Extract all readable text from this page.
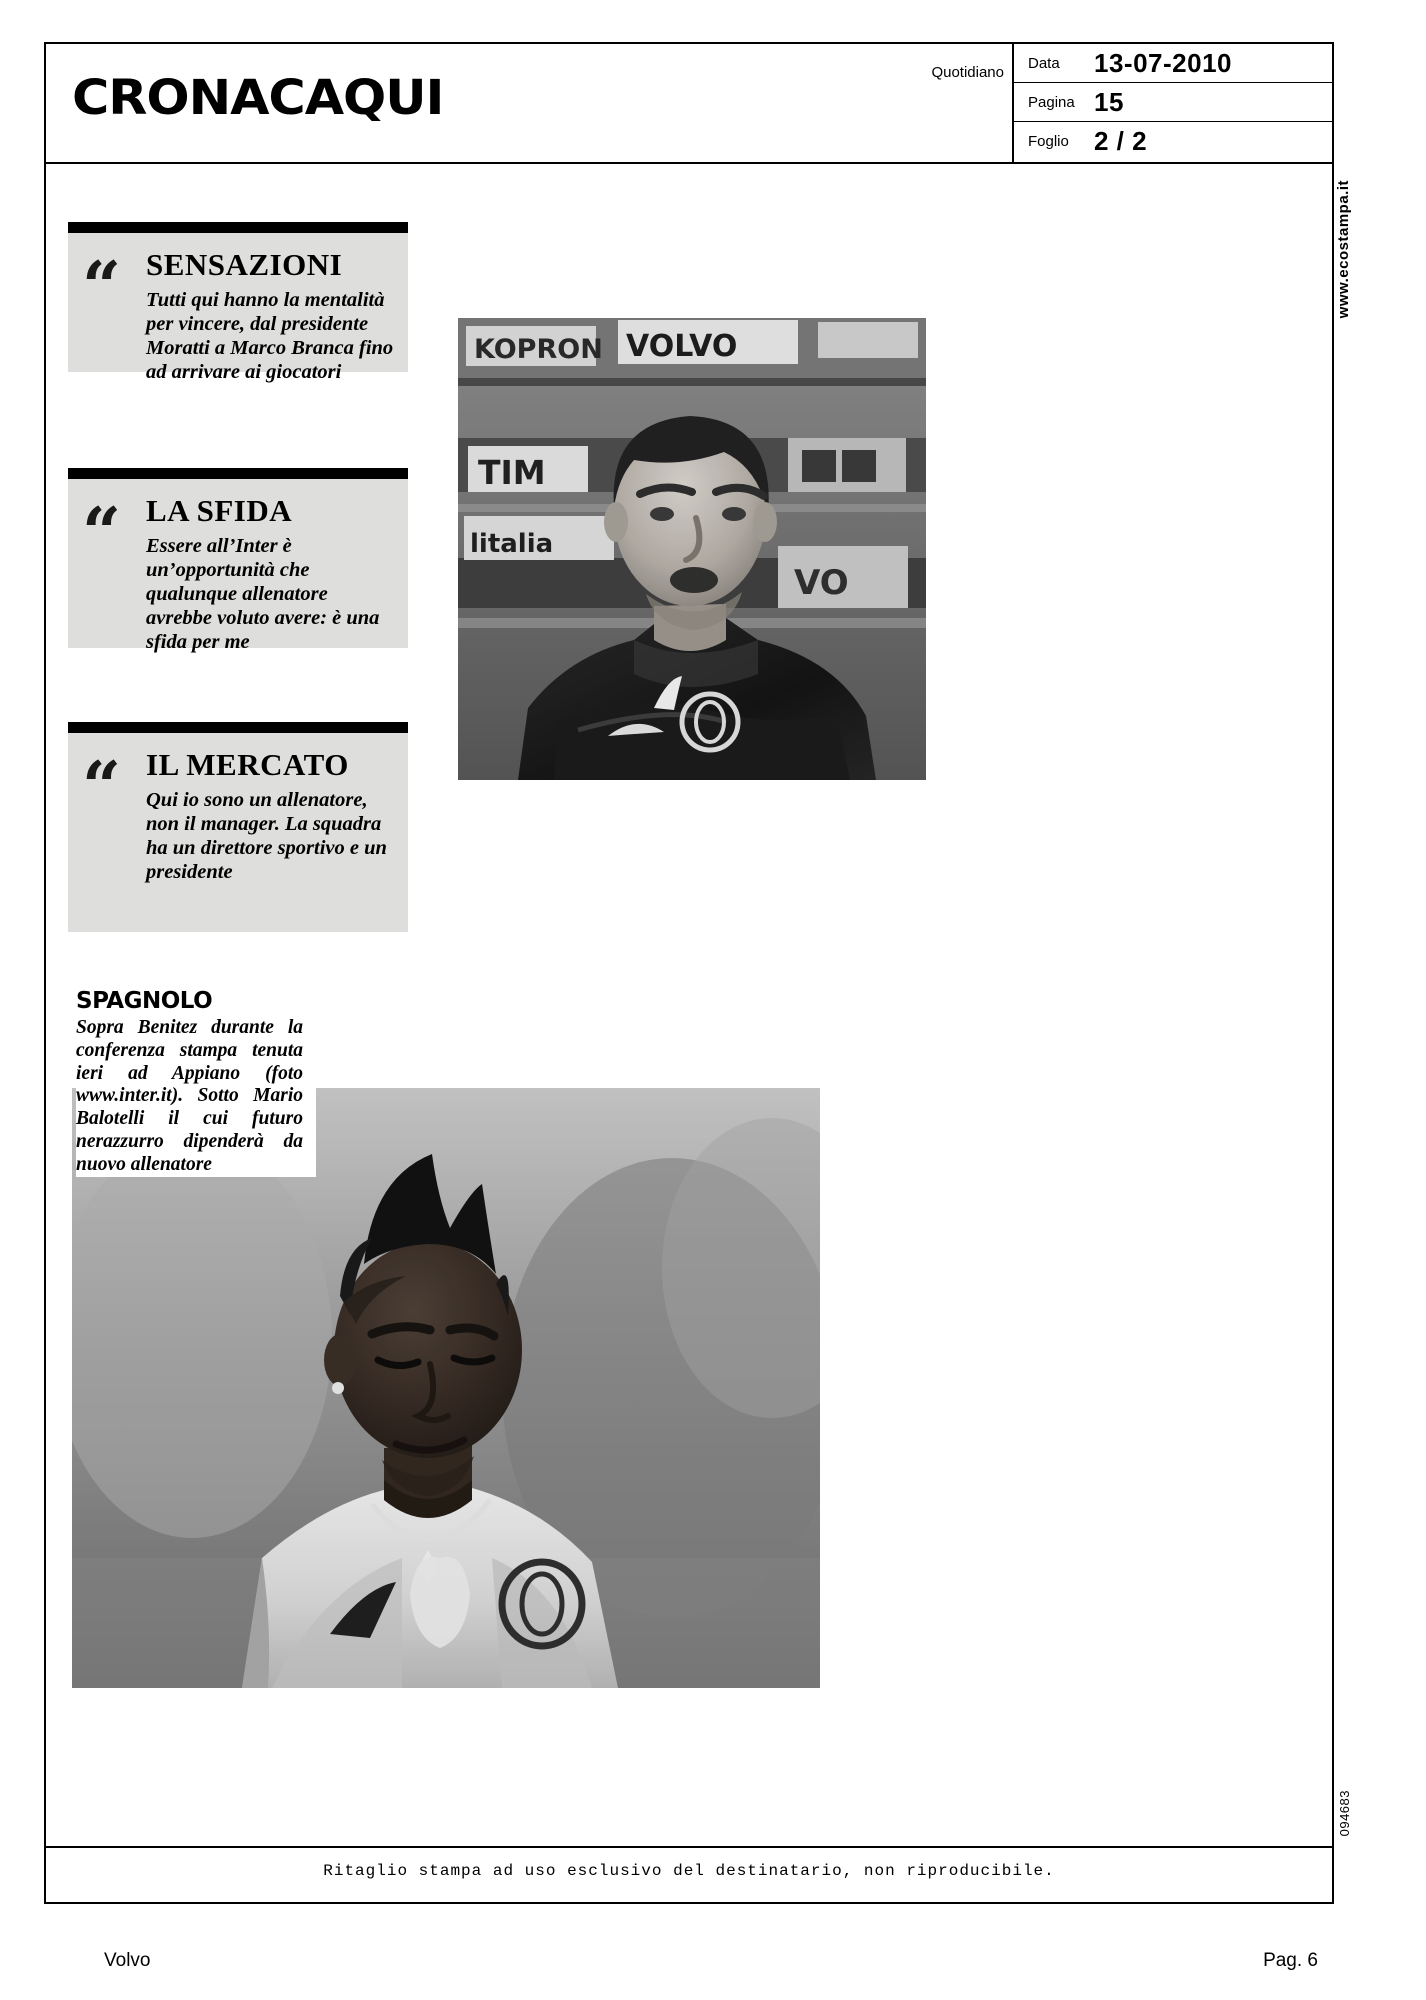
CRONACAQUI	Quotidiano
Data 13-07-2010
Pagina 15
Foglio 2 / 2
www.ecostampa.it
094683
“ SENSAZIONI
Tutti qui hanno la mentalità per vincere, dal presidente Moratti a Marco Branca fino ad arrivare ai giocatori
“ LA SFIDA
Essere all’Inter è un’opportunità che qualunque allenatore avrebbe voluto avere: è una sfida per me
“ IL MERCATO
Qui io sono un allenatore, non il manager. La squadra ha un direttore sportivo e un presidente
KOPRON VOLVO
TIM
litalia
VO
SPAGNOLO
Sopra Benitez durante la conferenza stampa tenuta ieri ad Appiano (foto www.inter.it). Sotto Mario Balotelli il cui futuro nerazzurro dipenderà da nuovo allenatore
Ritaglio stampa ad uso esclusivo del destinatario, non riproducibile.
Volvo	Pag. 6
